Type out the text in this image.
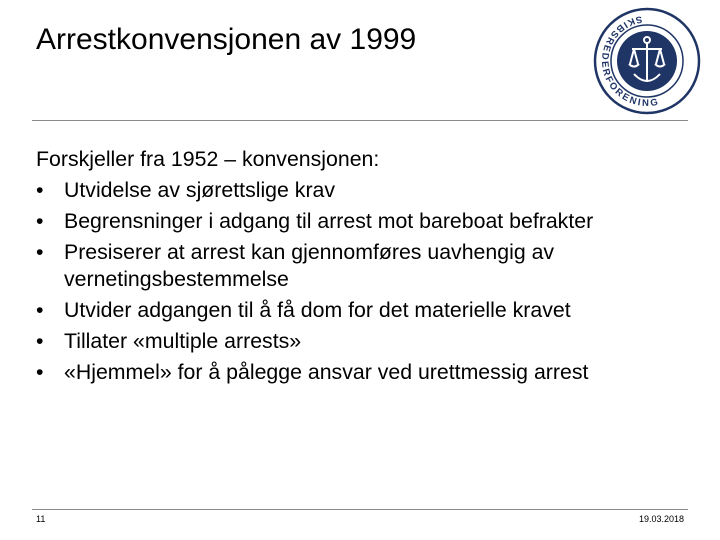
Arrestkonvensjonen av 1999
SKIBSREDERFORENING

Forskjeller fra 1952 – konvensjonen:

• Utvidelse av sjørettslige krav
• Begrensninger i adgang til arrest mot bareboat befrakter
• Presiserer at arrest kan gjennomføres uavhengig av vernetingsbestemmelse
• Utvider adgangen til å få dom for det materielle kravet
• Tillater «multiple arrests»
• «Hjemmel» for å pålegge ansvar ved urettmessig arrest
11	19.03.2018
